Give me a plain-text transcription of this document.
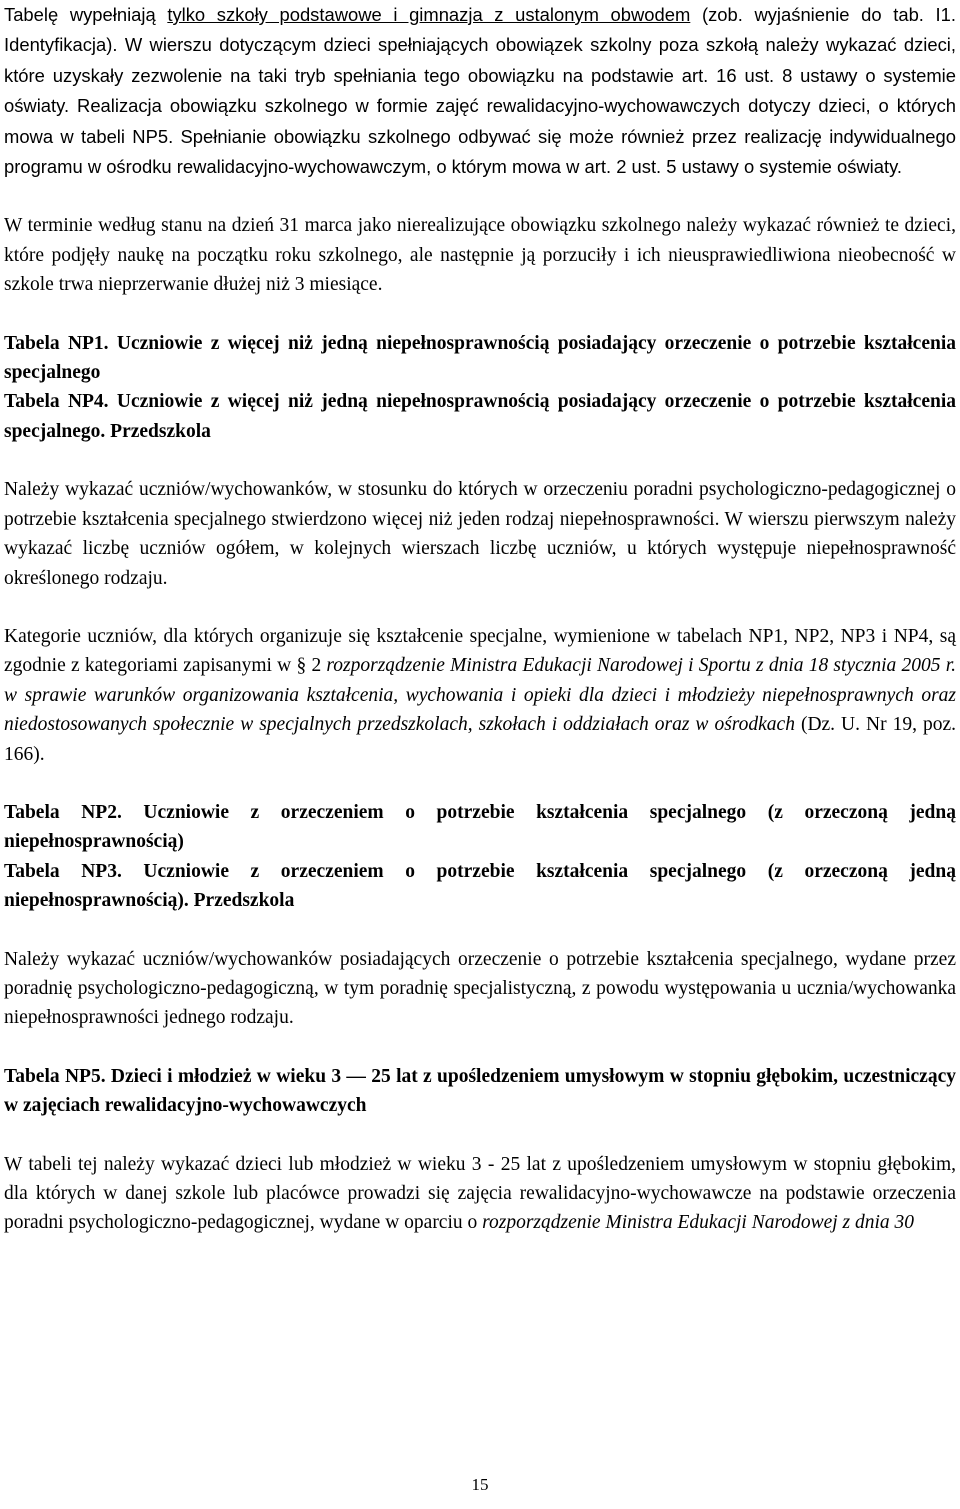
Tabelę wypełniają tylko szkoły podstawowe i gimnazja z ustalonym obwodem (zob. wyjaśnienie do tab. I1. Identyfikacja). W wierszu dotyczącym dzieci spełniających obowiązek szkolny poza szkołą należy wykazać dzieci, które uzyskały zezwolenie na taki tryb spełniania tego obowiązku na podstawie art. 16 ust. 8 ustawy o systemie oświaty. Realizacja obowiązku szkolnego w formie zajęć rewalidacyjno-wychowawczych dotyczy dzieci, o których mowa w tabeli NP5. Spełnianie obowiązku szkolnego odbywać się może również przez realizację indywidualnego programu w ośrodku rewalidacyjno-wychowawczym, o którym mowa w art. 2 ust. 5 ustawy o systemie oświaty.

W terminie według stanu na dzień 31 marca jako nierealizujące obowiązku szkolnego należy wykazać również te dzieci, które podjęły naukę na początku roku szkolnego, ale następnie ją porzuciły i ich nieusprawiedliwiona nieobecność w szkole trwa nieprzerwanie dłużej niż 3 miesiące.

Tabela NP1. Uczniowie z więcej niż jedną niepełnosprawnością posiadający orzeczenie o potrzebie kształcenia specjalnego

Tabela NP4. Uczniowie z więcej niż jedną niepełnosprawnością posiadający orzeczenie o potrzebie kształcenia specjalnego. Przedszkola

Należy wykazać uczniów/wychowanków, w stosunku do których w orzeczeniu poradni psychologiczno-pedagogicznej o potrzebie kształcenia specjalnego stwierdzono więcej niż jeden rodzaj niepełnosprawności. W wierszu pierwszym należy wykazać liczbę uczniów ogółem, w kolejnych wierszach liczbę uczniów, u których występuje niepełnosprawność określonego rodzaju.

Kategorie uczniów, dla których organizuje się kształcenie specjalne, wymienione w tabelach NP1, NP2, NP3 i NP4, są zgodnie z kategoriami zapisanymi w § 2 rozporządzenie Ministra Edukacji Narodowej i Sportu z dnia 18 stycznia 2005 r. w sprawie warunków organizowania kształcenia, wychowania i opieki dla dzieci i młodzieży niepełnosprawnych oraz niedostosowanych społecznie w specjalnych przedszkolach, szkołach i oddziałach oraz w ośrodkach (Dz. U. Nr 19, poz. 166).

Tabela NP2. Uczniowie z orzeczeniem o potrzebie kształcenia specjalnego (z orzeczoną jedną niepełnosprawnością)

Tabela NP3. Uczniowie z orzeczeniem o potrzebie kształcenia specjalnego (z orzeczoną jedną niepełnosprawnością). Przedszkola

Należy wykazać uczniów/wychowanków posiadających orzeczenie o potrzebie kształcenia specjalnego, wydane przez poradnię psychologiczno-pedagogiczną, w tym poradnię specjalistyczną, z powodu występowania u ucznia/wychowanka niepełnosprawności jednego rodzaju.

Tabela NP5. Dzieci i młodzież w wieku 3 — 25 lat z upośledzeniem umysłowym w stopniu głębokim, uczestniczący w zajęciach rewalidacyjno-wychowawczych

W tabeli tej należy wykazać dzieci lub młodzież w wieku 3 - 25 lat z upośledzeniem umysłowym w stopniu głębokim, dla których w danej szkole lub placówce prowadzi się zajęcia rewalidacyjno-wychowawcze na podstawie orzeczenia poradni psychologiczno-pedagogicznej, wydane w oparciu o rozporządzenie Ministra Edukacji Narodowej z dnia 30

15
